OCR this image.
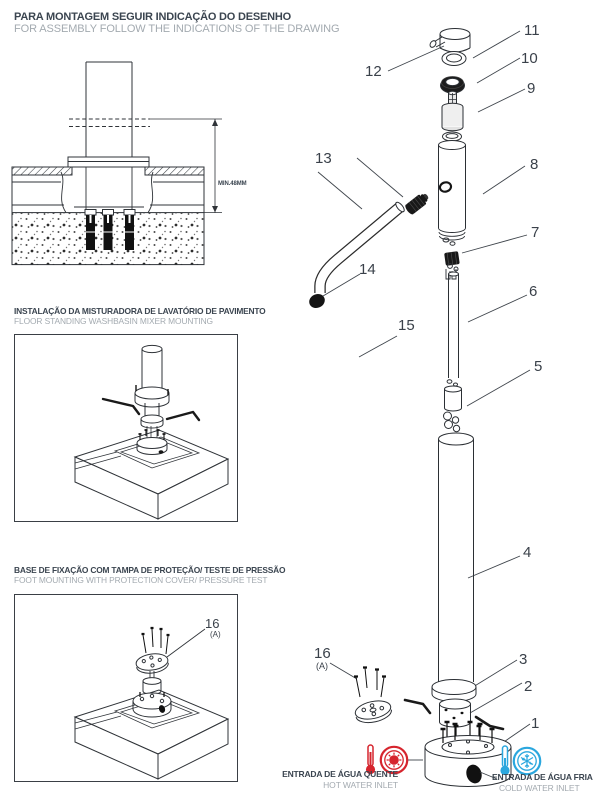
PARA MONTAGEM SEGUIR INDICAÇÃO DO DESENHO
FOR ASSEMBLY FOLLOW THE INDICATIONS OF THE DRAWING
MIN.48MM
INSTALAÇÃO DA MISTURADORA DE LAVATÓRIO DE PAVIMENTO
FLOOR STANDING WASHBASIN MIXER MOUNTING
BASE DE FIXAÇÃO COM TAMPA DE PROTEÇÃO/ TESTE DE PRESSÃO
FOOT MOUNTING WITH PROTECTION COVER/ PRESSURE TEST
16
(A)
12
11
10
9
8
7
6
5
4
3
2
1
13
14
15
16
(A)
ENTRADA DE ÁGUA QUENTE
HOT WATER INLET
ENTRADA DE ÁGUA FRIA
COLD WATER INLET
